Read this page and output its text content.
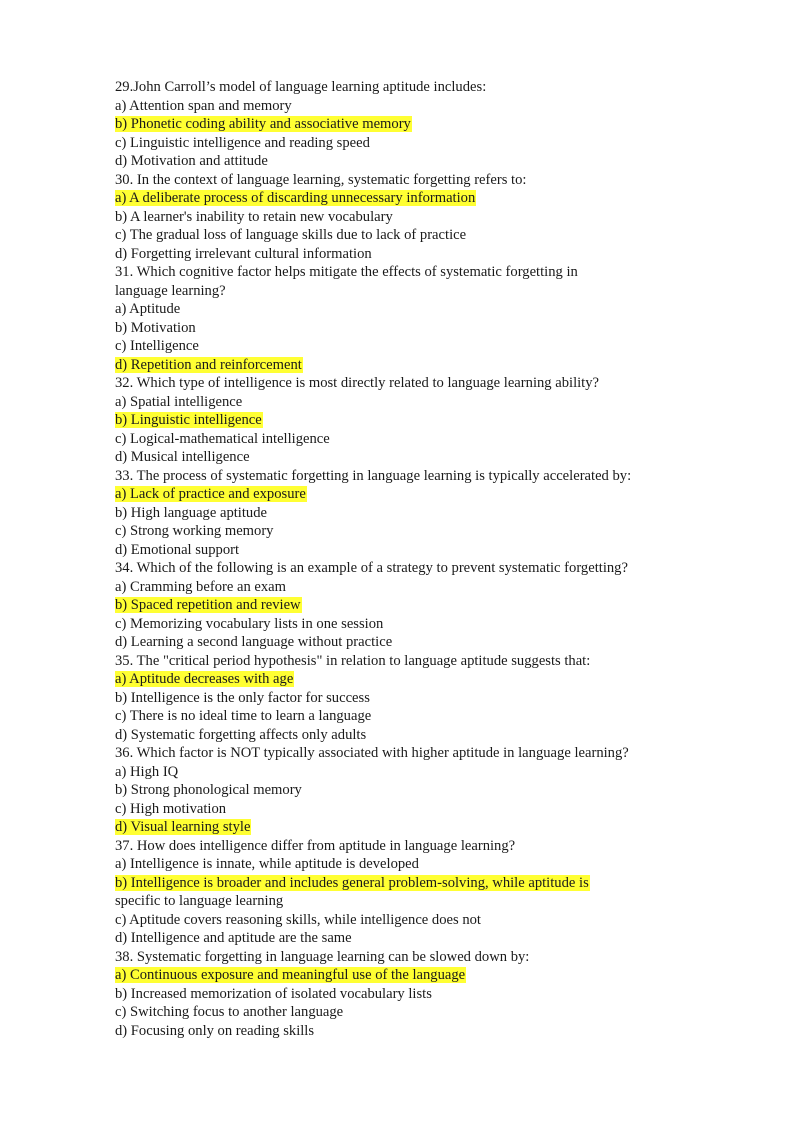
29.John Carroll’s model of language learning aptitude includes:
a) Attention span and memory
b) Phonetic coding ability and associative memory
c) Linguistic intelligence and reading speed
d) Motivation and attitude
30. In the context of language learning, systematic forgetting refers to:
a) A deliberate process of discarding unnecessary information
b) A learner's inability to retain new vocabulary
c) The gradual loss of language skills due to lack of practice
d) Forgetting irrelevant cultural information
31. Which cognitive factor helps mitigate the effects of systematic forgetting in
language learning?
a) Aptitude
b) Motivation
c) Intelligence
d) Repetition and reinforcement
32. Which type of intelligence is most directly related to language learning ability?
a) Spatial intelligence
b) Linguistic intelligence
c) Logical-mathematical intelligence
d) Musical intelligence
33. The process of systematic forgetting in language learning is typically accelerated by:
a) Lack of practice and exposure
b) High language aptitude
c) Strong working memory
d) Emotional support
34. Which of the following is an example of a strategy to prevent systematic forgetting?
a) Cramming before an exam
b) Spaced repetition and review
c) Memorizing vocabulary lists in one session
d) Learning a second language without practice
35. The "critical period hypothesis" in relation to language aptitude suggests that:
a) Aptitude decreases with age
b) Intelligence is the only factor for success
c) There is no ideal time to learn a language
d) Systematic forgetting affects only adults
36. Which factor is NOT typically associated with higher aptitude in language learning?
a) High IQ
b) Strong phonological memory
c) High motivation
d) Visual learning style
37. How does intelligence differ from aptitude in language learning?
a) Intelligence is innate, while aptitude is developed
b) Intelligence is broader and includes general problem-solving, while aptitude is
specific to language learning
c) Aptitude covers reasoning skills, while intelligence does not
d) Intelligence and aptitude are the same
38. Systematic forgetting in language learning can be slowed down by:
a) Continuous exposure and meaningful use of the language
b) Increased memorization of isolated vocabulary lists
c) Switching focus to another language
d) Focusing only on reading skills
